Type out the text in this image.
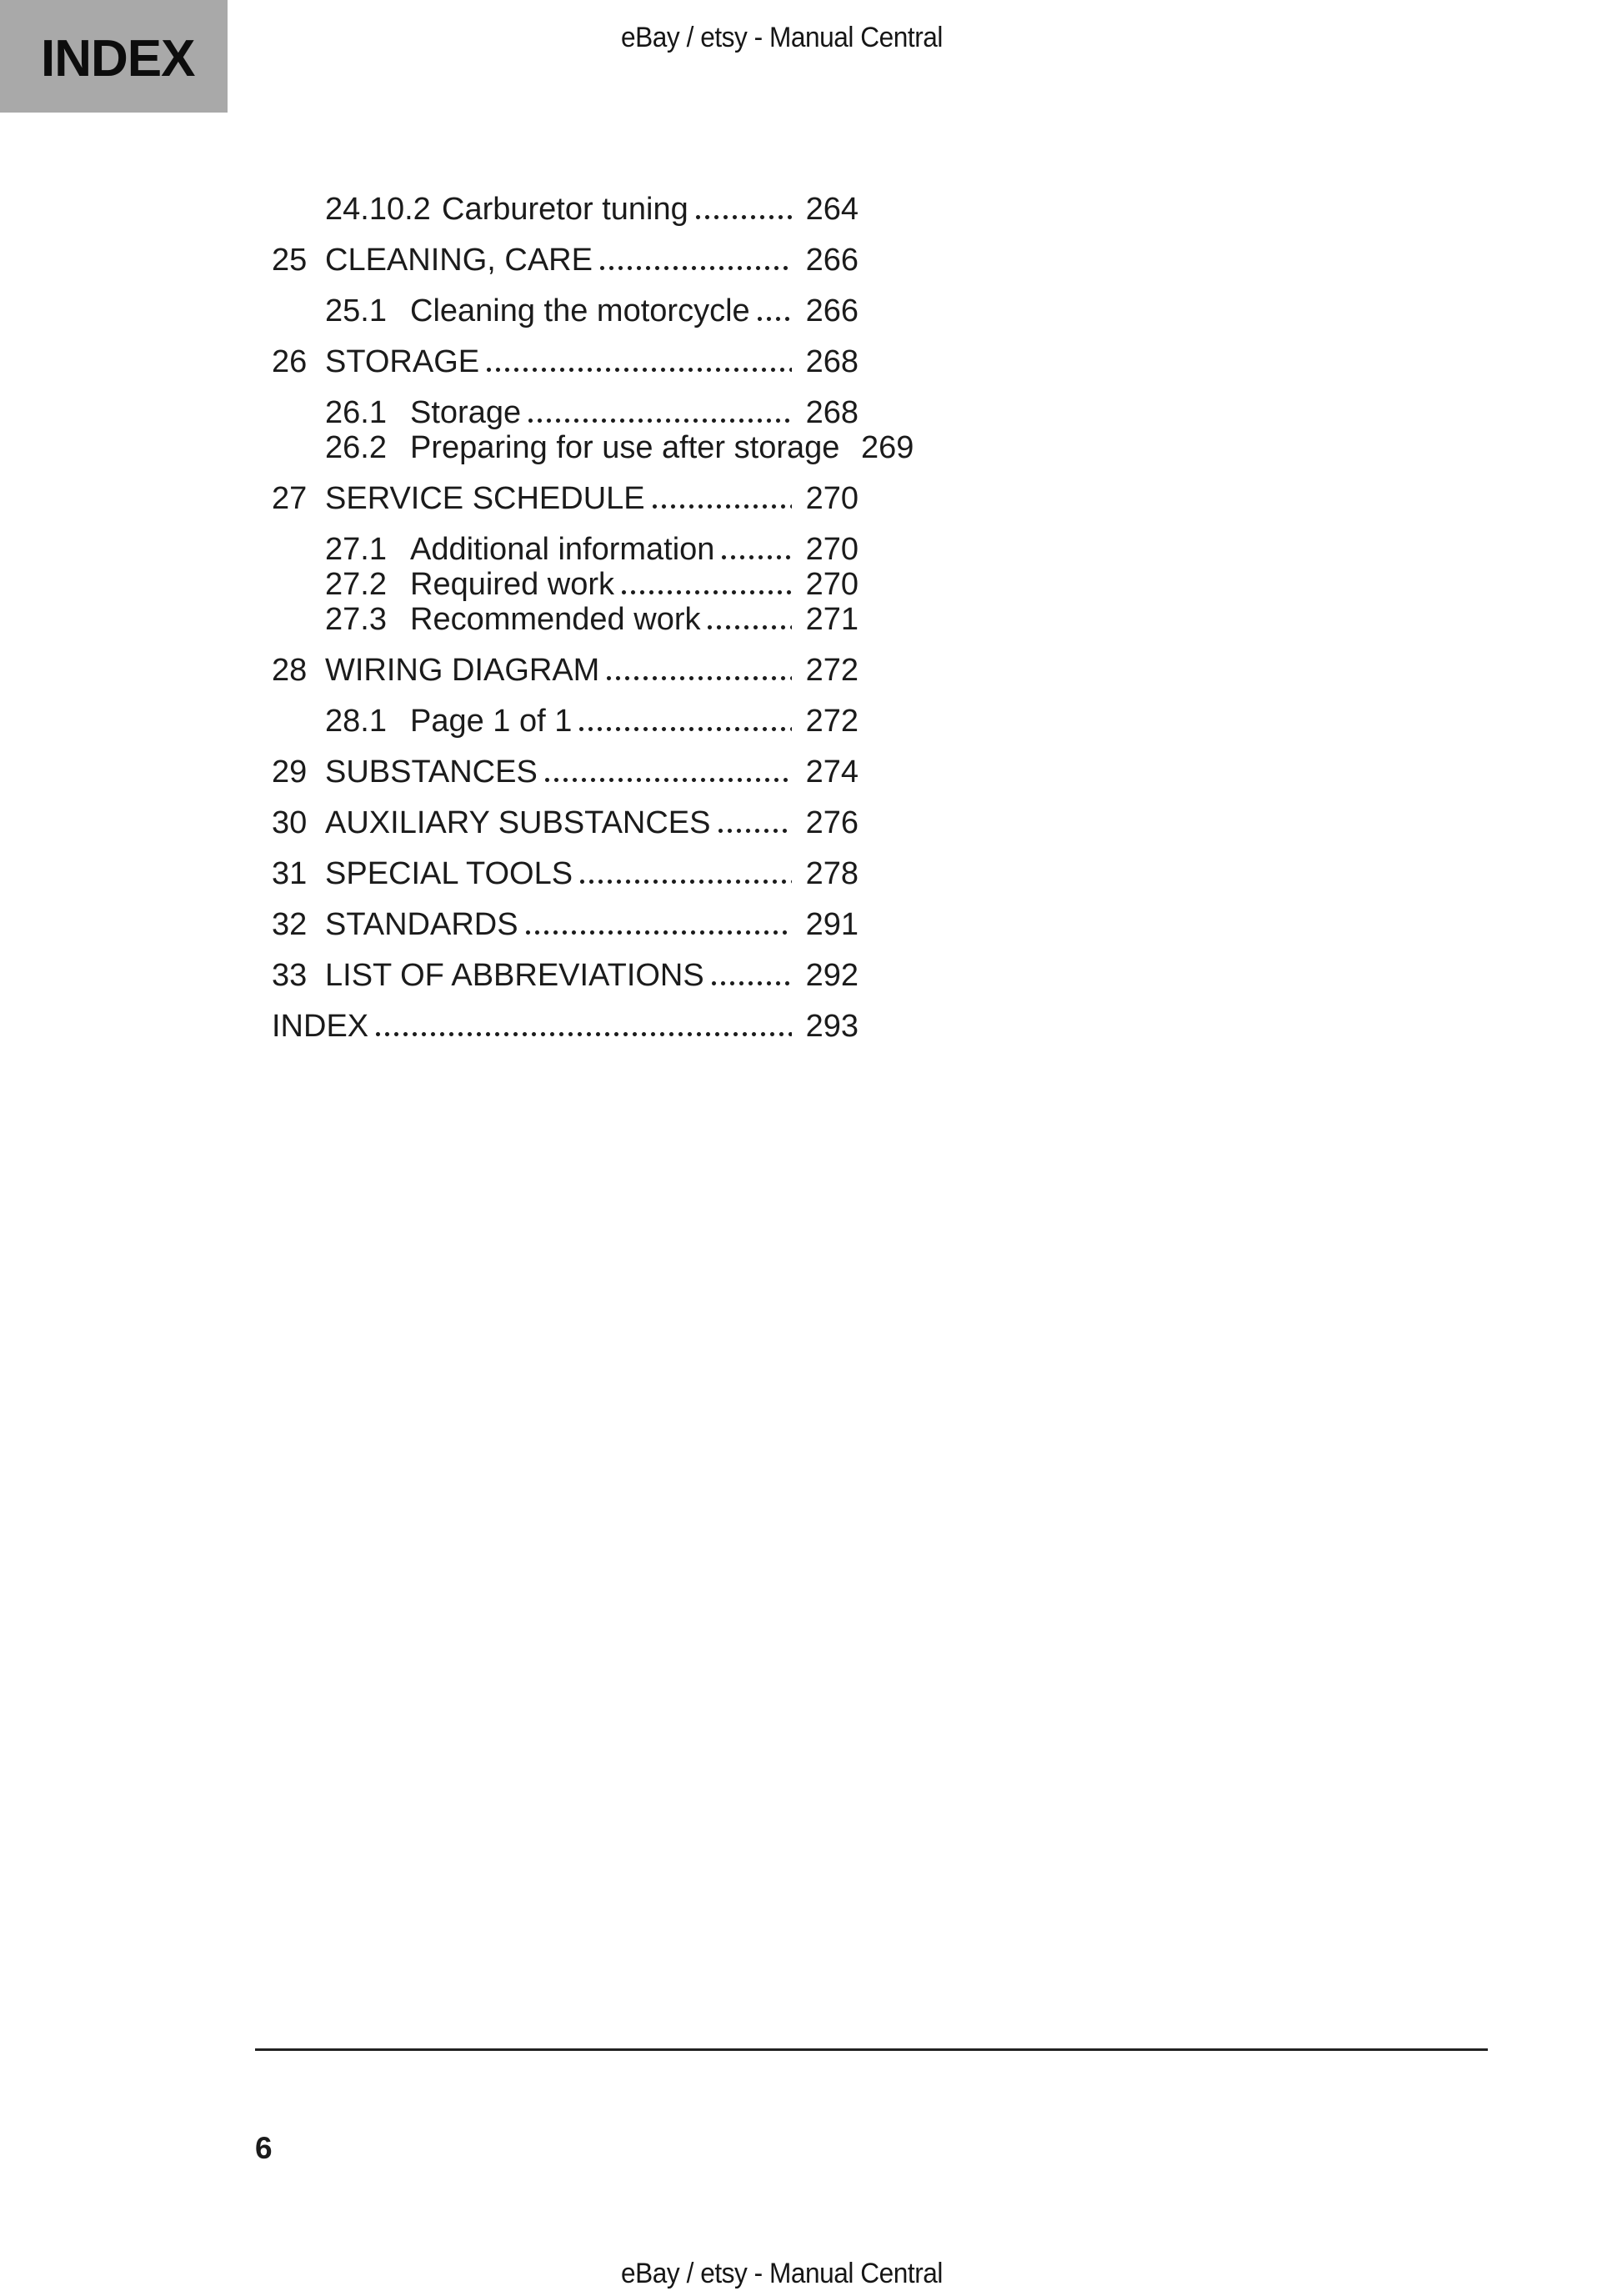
INDEX	eBay / etsy - Manual Central
24.10.2 Carburetor tuning	264
25 CLEANING, CARE	266
25.1 Cleaning the motorcycle 266
26 STORAGE	268
26.1 Storage	268
26.2 Preparing for use after storage 269
27 SERVICE SCHEDULE	270
27.1 Additional information	270
27.2 Required work	270
27.3 Recommended work	271
28 WIRING DIAGRAM	272
28.1 Page 1 of 1	272
29 SUBSTANCES	274
30 AUXILIARY SUBSTANCES	276
31 SPECIAL TOOLS	278
32 STANDARDS	291
33 LIST OF ABBREVIATIONS	292
INDEX	293
6
eBay / etsy - Manual Central
